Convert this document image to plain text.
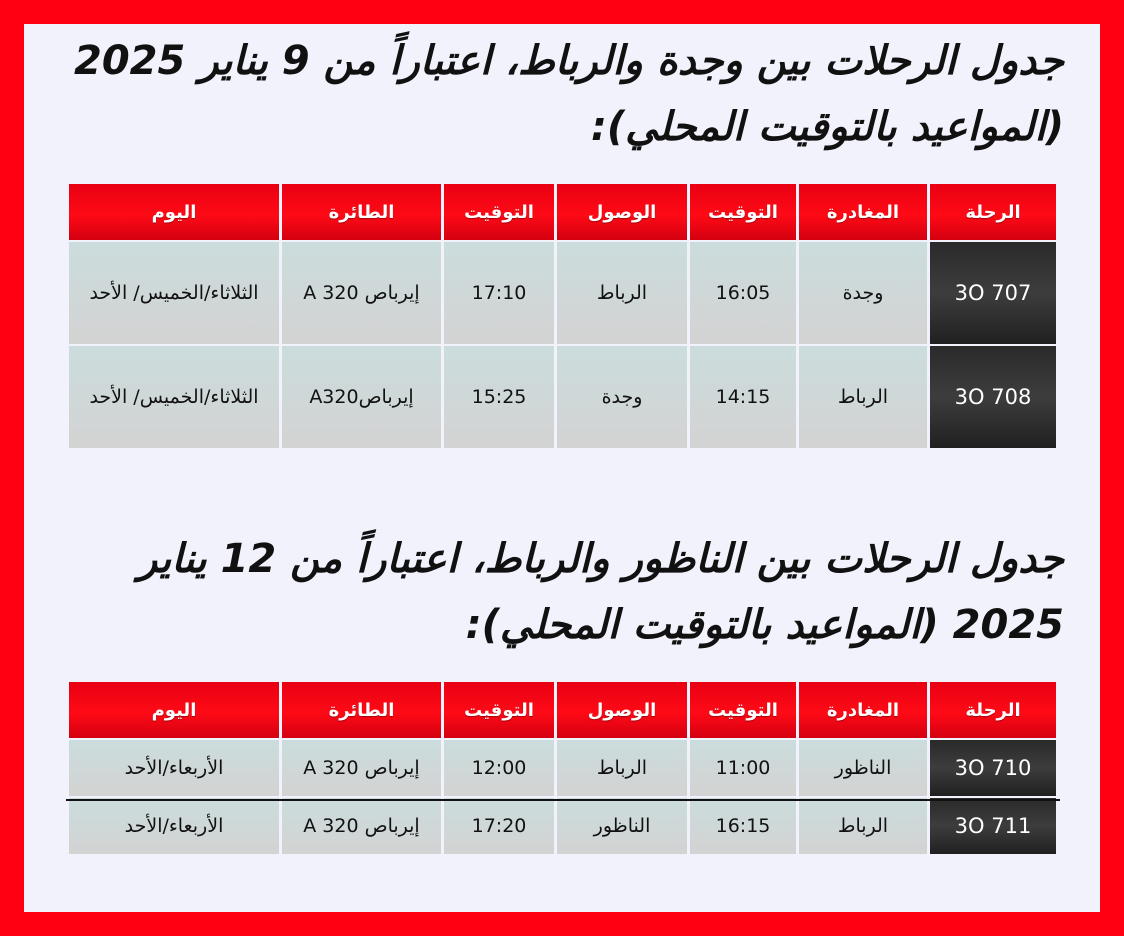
جدول الرحلات بين وجدة والرباط، اعتباراً من 9 يناير 2025 (المواعيد بالتوقيت المحلي):
الرحلة	المغادرة	التوقيت	الوصول	التوقيت	الطائرة	اليوم
3O 707	وجدة	16:05	الرباط	17:10	إيرباص A 320	الثلاثاء/الخميس/ الأحد
3O 708	الرباط	14:15	وجدة	15:25	إيرباصA320	الثلاثاء/الخميس/ الأحد
جدول الرحلات بين الناظور والرباط، اعتباراً من 12 يناير 2025 (المواعيد بالتوقيت المحلي):
الرحلة	المغادرة	التوقيت	الوصول	التوقيت	الطائرة	اليوم
3O 710	الناظور	11:00	الرباط	12:00	إيرباص A 320	الأربعاء/الأحد
3O 711	الرباط	16:15	الناظور	17:20	إيرباص A 320	الأربعاء/الأحد
